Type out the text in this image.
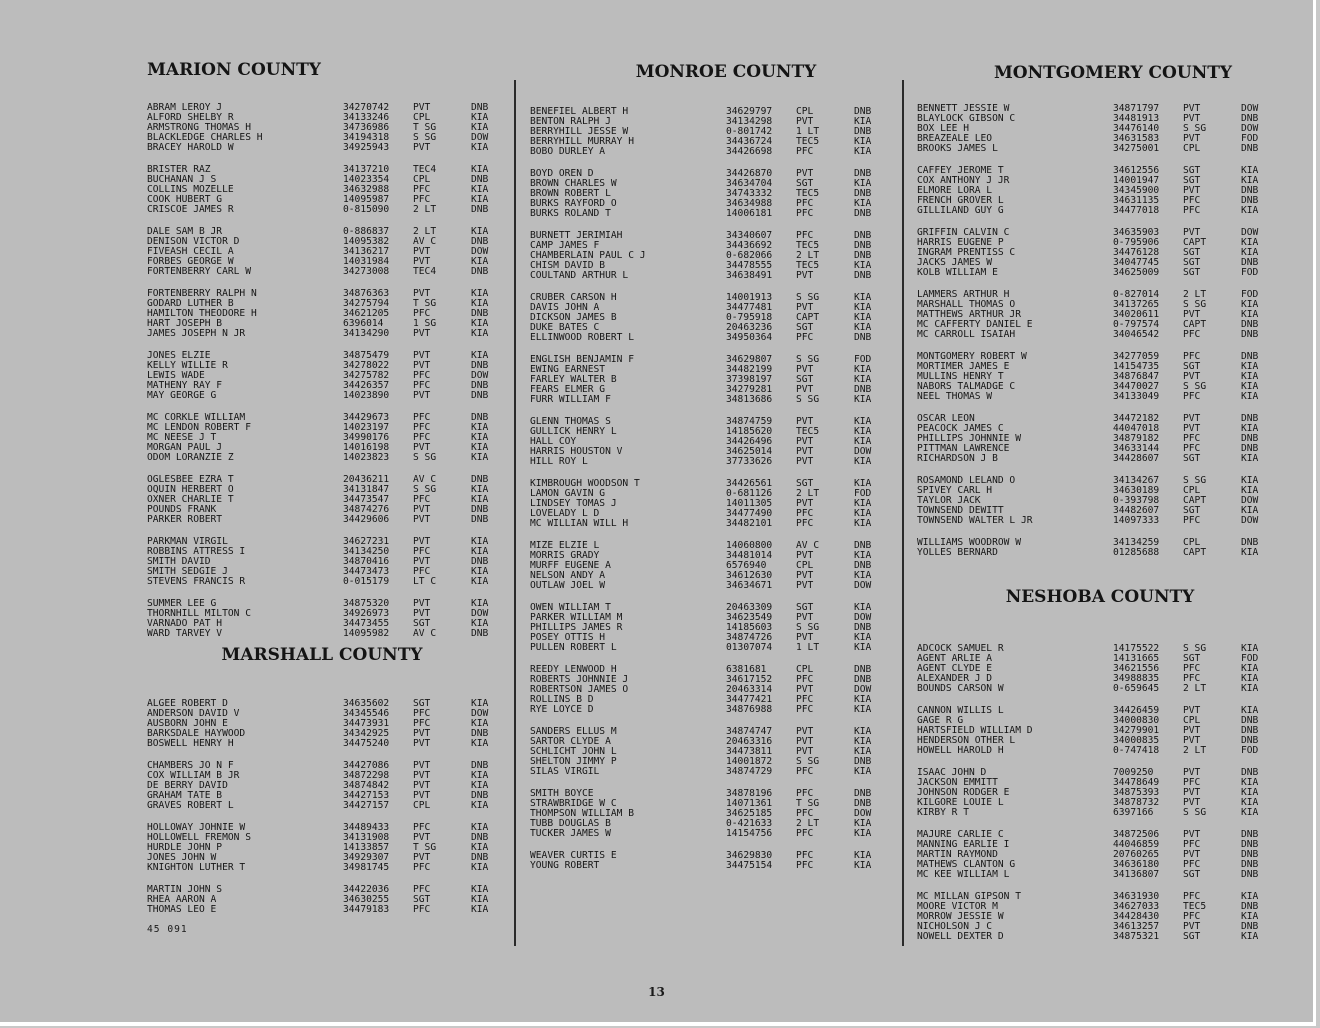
MARION COUNTY
ABRAM LEROY J	34270742	PVT	DNB
ALFORD SHELBY R	34133246	CPL	KIA
ARMSTRONG THOMAS H	34736986	T SG	KIA
BLACKLEDGE CHARLES H	34194318	S SG	DOW
BRACEY HAROLD W	34925943	PVT	KIA
BRISTER RAZ	34137210	TEC4	KIA
BUCHANAN J S	14023354	CPL	DNB
COLLINS MOZELLE	34632988	PFC	KIA
COOK HUBERT G	14095987	PFC	KIA
CRISCOE JAMES R	0-815090	2 LT	DNB
DALE SAM B JR	0-886837	2 LT	KIA
DENISON VICTOR D	14095382	AV C	DNB
FIVEASH CECIL A	34136217	PVT	DOW
FORBES GEORGE W	14031984	PVT	KIA
FORTENBERRY CARL W	34273008	TEC4	DNB
FORTENBERRY RALPH N	34876363	PVT	KIA
GODARD LUTHER B	34275794	T SG	KIA
HAMILTON THEODORE H	34621205	PFC	DNB
HART JOSEPH B	6396014	1 SG	KIA
JAMES JOSEPH N JR	34134290	PVT	KIA
JONES ELZIE	34875479	PVT	KIA
KELLY WILLIE R	34278022	PVT	DNB
LEWIS WADE	34275782	PFC	DOW
MATHENY RAY F	34426357	PFC	DNB
MAY GEORGE G	14023890	PVT	DNB
MC CORKLE WILLIAM	34429673	PFC	DNB
MC LENDON ROBERT F	14023197	PFC	KIA
MC NEESE J T	34990176	PFC	KIA
MORGAN PAUL J	14016198	PVT	KIA
ODOM LORANZIE Z	14023823	S SG	KIA
OGLESBEE EZRA T	20436211	AV C	DNB
OQUIN HERBERT O	34131847	S SG	KIA
OXNER CHARLIE T	34473547	PFC	KIA
POUNDS FRANK	34874276	PVT	DNB
PARKER ROBERT	34429606	PVT	DNB
PARKMAN VIRGIL	34627231	PVT	KIA
ROBBINS ATTRESS I	34134250	PFC	KIA
SMITH DAVID	34870416	PVT	DNB
SMITH SEDGIE J	34473473	PFC	KIA
STEVENS FRANCIS R	0-015179	LT C	KIA
SUMMER LEE G	34875320	PVT	KIA
THORNHILL MILTON C	34926973	PVT	DOW
VARNADO PAT H	34473455	SGT	KIA
WARD TARVEY V	14095982	AV C	DNB
MARSHALL COUNTY
ALGEE ROBERT D	34635602	SGT	KIA
ANDERSON DAVID V	34345546	PFC	DOW
AUSBORN JOHN E	34473931	PFC	KIA
BARKSDALE HAYWOOD	34342925	PVT	DNB
BOSWELL HENRY H	34475240	PVT	KIA
CHAMBERS JO N F	34427086	PVT	DNB
COX WILLIAM B JR	34872298	PVT	KIA
DE BERRY DAVID	34874842	PVT	KIA
GRAHAM TATE B	34427153	PVT	DNB
GRAVES ROBERT L	34427157	CPL	KIA
HOLLOWAY JOHNIE W	34489433	PFC	KIA
HOLLOWELL FREMON S	34131908	PVT	DNB
HURDLE JOHN P	14133857	T SG	KIA
JONES JOHN W	34929307	PVT	DNB
KNIGHTON LUTHER T	34981745	PFC	KIA
MARTIN JOHN S	34422036	PFC	KIA
RHEA AARON A	34630255	SGT	KIA
THOMAS LEO E	34479183	PFC	KIA
MONROE COUNTY
BENEFIEL ALBERT H	34629797	CPL	DNB
BENTON RALPH J	34134298	PVT	KIA
BERRYHILL JESSE W	0-801742	1 LT	DNB
BERRYHILL MURRAY H	34436724	TEC5	KIA
BOBO DURLEY A	34426698	PFC	KIA
BOYD OREN D	34426870	PVT	DNB
BROWN CHARLES W	34634704	SGT	KIA
BROWN ROBERT L	34743332	TEC5	DNB
BURKS RAYFORD O	34634988	PFC	KIA
BURKS ROLAND T	14006181	PFC	DNB
BURNETT JERIMIAH	34340607	PFC	DNB
CAMP JAMES F	34436692	TEC5	DNB
CHAMBERLAIN PAUL C J	0-682066	2 LT	DNB
CHISM DAVID B	34478555	TEC5	KIA
COULTAND ARTHUR L	34638491	PVT	DNB
CRUBER CARSON H	14001913	S SG	KIA
DAVIS JOHN A	34477481	PVT	KIA
DICKSON JAMES B	0-795918	CAPT	KIA
DUKE BATES C	20463236	SGT	KIA
ELLINWOOD ROBERT L	34950364	PFC	DNB
ENGLISH BENJAMIN F	34629807	S SG	FOD
EWING EARNEST	34482199	PVT	KIA
FARLEY WALTER B	37398197	SGT	KIA
FEARS ELMER G	34279281	PVT	DNB
FURR WILLIAM F	34813686	S SG	KIA
GLENN THOMAS S	34874759	PVT	KIA
GULLICK HENRY L	14185620	TEC5	KIA
HALL COY	34426496	PVT	KIA
HARRIS HOUSTON V	34625014	PVT	DOW
HILL ROY L	37733626	PVT	KIA
KIMBROUGH WOODSON T	34426561	SGT	KIA
LAMON GAVIN G	0-681126	2 LT	FOD
LINDSEY TOMAS J	14011305	PVT	KIA
LOVELADY L D	34477490	PFC	KIA
MC WILLIAN WILL H	34482101	PFC	KIA
MIZE ELZIE L	14060800	AV C	DNB
MORRIS GRADY	34481014	PVT	KIA
MURFF EUGENE A	6576940	CPL	DNB
NELSON ANDY A	34612630	PVT	KIA
OUTLAW JOEL W	34634671	PVT	DOW
OWEN WILLIAM T	20463309	SGT	KIA
PARKER WILLIAM M	34623549	PVT	DOW
PHILLIPS JAMES R	14185603	S SG	DNB
POSEY OTTIS H	34874726	PVT	KIA
PULLEN ROBERT L	01307074	1 LT	KIA
REEDY LENWOOD H	6381681	CPL	DNB
ROBERTS JOHNNIE J	34617152	PFC	DNB
ROBERTSON JAMES O	20463314	PVT	DOW
ROLLINS B D	34477421	PFC	KIA
RYE LOYCE D	34876988	PFC	KIA
SANDERS ELLUS M	34874747	PVT	KIA
SARTOR CLYDE A	20463316	PVT	KIA
SCHLICHT JOHN L	34473811	PVT	KIA
SHELTON JIMMY P	14001872	S SG	DNB
SILAS VIRGIL	34874729	PFC	KIA
SMITH BOYCE	34878196	PFC	DNB
STRAWBRIDGE W C	14071361	T SG	DNB
THOMPSON WILLIAM B	34625185	PFC	DOW
TUBB DOUGLAS B	0-421633	2 LT	KIA
TUCKER JAMES W	14154756	PFC	KIA
WEAVER CURTIS E	34629830	PFC	KIA
YOUNG ROBERT	34475154	PFC	KIA
MONTGOMERY COUNTY
BENNETT JESSIE W	34871797	PVT	DOW
BLAYLOCK GIBSON C	34481913	PVT	DNB
BOX LEE H	34476140	S SG	DOW
BREAZEALE LEO	34631583	PVT	FOD
BROOKS JAMES L	34275001	CPL	DNB
CAFFEY JEROME T	34612556	SGT	KIA
COX ANTHONY J JR	14001947	SGT	KIA
ELMORE LORA L	34345900	PVT	DNB
FRENCH GROVER L	34631135	PFC	DNB
GILLILAND GUY G	34477018	PFC	KIA
GRIFFIN CALVIN C	34635903	PVT	DOW
HARRIS EUGENE P	0-795906	CAPT	KIA
INGRAM PRENTISS C	34476128	SGT	KIA
JACKS JAMES W	34047745	SGT	DNB
KOLB WILLIAM E	34625009	SGT	FOD
LAMMERS ARTHUR H	0-827014	2 LT	FOD
MARSHALL THOMAS O	34137265	S SG	KIA
MATTHEWS ARTHUR JR	34020611	PVT	KIA
MC CAFFERTY DANIEL E	0-797574	CAPT	DNB
MC CARROLL ISAIAH	34046542	PFC	DNB
MONTGOMERY ROBERT W	34277059	PFC	DNB
MORTIMER JAMES E	14154735	SGT	KIA
MULLINS HENRY T	34876847	PVT	KIA
NABORS TALMADGE C	34470027	S SG	KIA
NEEL THOMAS W	34133049	PFC	KIA
OSCAR LEON	34472182	PVT	DNB
PEACOCK JAMES C	44047018	PVT	KIA
PHILLIPS JOHNNIE W	34879182	PFC	DNB
PITTMAN LAWRENCE	34633144	PFC	DNB
RICHARDSON J B	34428607	SGT	KIA
ROSAMOND LELAND O	34134267	S SG	KIA
SPIVEY CARL H	34630189	CPL	KIA
TAYLOR JACK	0-393798	CAPT	DOW
TOWNSEND DEWITT	34482607	SGT	KIA
TOWNSEND WALTER L JR	14097333	PFC	DOW
WILLIAMS WOODROW W	34134259	CPL	DNB
YOLLES BERNARD	01285688	CAPT	KIA
NESHOBA COUNTY
ADCOCK SAMUEL R	14175522	S SG	KIA
AGENT ARLIE A	14131665	SGT	FOD
AGENT CLYDE E	34621556	PFC	KIA
ALEXANDER J D	34988835	PFC	KIA
BOUNDS CARSON W	0-659645	2 LT	KIA
CANNON WILLIS L	34426459	PVT	KIA
GAGE R G	34000830	CPL	DNB
HARTSFIELD WILLIAM D	34279901	PVT	DNB
HENDERSON OTHER L	34000835	PVT	DNB
HOWELL HAROLD H	0-747418	2 LT	FOD
ISAAC JOHN D	7009250	PVT	DNB
JACKSON EMMITT	34478649	PFC	KIA
JOHNSON RODGER E	34875393	PVT	KIA
KILGORE LOUIE L	34878732	PVT	KIA
KIRBY R T	6397166	S SG	KIA
MAJURE CARLIE C	34872506	PVT	DNB
MANNING EARLIE I	44046859	PFC	DNB
MARTIN RAYMOND	20760265	PVT	DNB
MATHEWS CLANTON G	34636180	PFC	DNB
MC KEE WILLIAM L	34136807	SGT	DNB
MC MILLAN GIPSON T	34631930	PFC	KIA
MOORE VICTOR M	34627033	TEC5	DNB
MORROW JESSIE W	34428430	PFC	KIA
NICHOLSON J C	34613257	PVT	DNB
NOWELL DEXTER D	34875321	SGT	KIA
45 091
13
